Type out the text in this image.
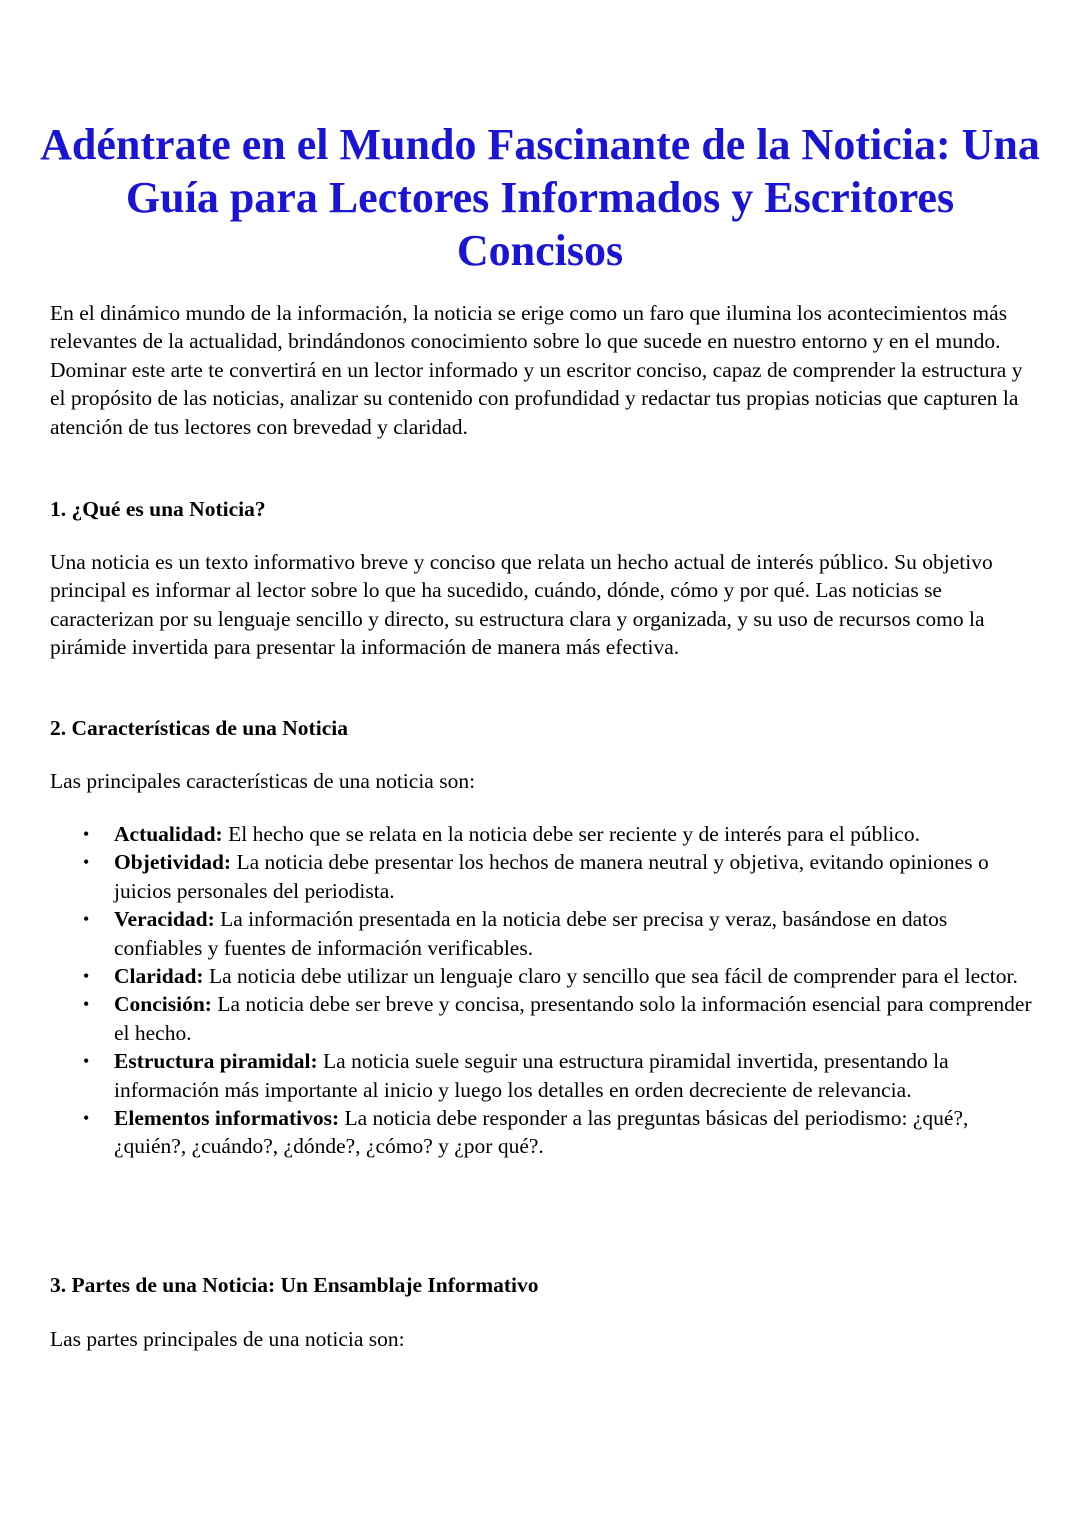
Adéntrate en el Mundo Fascinante de la Noticia: Una Guía para Lectores Informados y Escritores Concisos

En el dinámico mundo de la información, la noticia se erige como un faro que ilumina los acontecimientos más relevantes de la actualidad, brindándonos conocimiento sobre lo que sucede en nuestro entorno y en el mundo. Dominar este arte te convertirá en un lector informado y un escritor conciso, capaz de comprender la estructura y el propósito de las noticias, analizar su contenido con profundidad y redactar tus propias noticias que capturen la atención de tus lectores con brevedad y claridad.

1. ¿Qué es una Noticia?

Una noticia es un texto informativo breve y conciso que relata un hecho actual de interés público. Su objetivo principal es informar al lector sobre lo que ha sucedido, cuándo, dónde, cómo y por qué. Las noticias se caracterizan por su lenguaje sencillo y directo, su estructura clara y organizada, y su uso de recursos como la pirámide invertida para presentar la información de manera más efectiva.

2. Características de una Noticia

Las principales características de una noticia son:

• Actualidad: El hecho que se relata en la noticia debe ser reciente y de interés para el público.
• Objetividad: La noticia debe presentar los hechos de manera neutral y objetiva, evitando opiniones o juicios personales del periodista.
• Veracidad: La información presentada en la noticia debe ser precisa y veraz, basándose en datos confiables y fuentes de información verificables.
• Claridad: La noticia debe utilizar un lenguaje claro y sencillo que sea fácil de comprender para el lector.
• Concisión: La noticia debe ser breve y concisa, presentando solo la información esencial para comprender el hecho.
• Estructura piramidal: La noticia suele seguir una estructura piramidal invertida, presentando la información más importante al inicio y luego los detalles en orden decreciente de relevancia.
• Elementos informativos: La noticia debe responder a las preguntas básicas del periodismo: ¿qué?, ¿quién?, ¿cuándo?, ¿dónde?, ¿cómo? y ¿por qué?.
3. Partes de una Noticia: Un Ensamblaje Informativo

Las partes principales de una noticia son:
